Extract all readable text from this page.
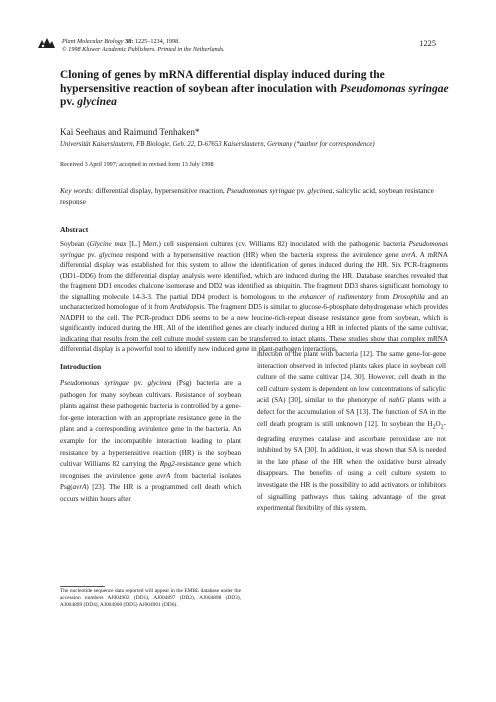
Plant Molecular Biology 38: 1225–1234, 1998.
© 1998 Kluwer Academic Publishers. Printed in the Netherlands.
1225
Cloning of genes by mRNA differential display induced during the hypersensitive reaction of soybean after inoculation with Pseudomonas syringae pv. glycinea
Kai Seehaus and Raimund Tenhaken*
Universität Kaiserslautern, FB Biologie, Geb. 22, D-67653 Kaiserslautern, Germany (*author for correspondence)
Received 3 April 1997; accepted in revised form 13 July 1998
Key words: differential display, hypersensitive reaction, Pseudomonas syringae pv. glycinea, salicylic acid, soybean resistance response
Abstract
Soybean (Glycine max [L.] Merr.) cell suspension cultures (cv. Williams 82) inoculated with the pathogenic bacteria Pseudomonas syringae pv. glycinea respond with a hypersensitive reaction (HR) when the bacteria express the avirulence gene avrA. A mRNA differential display was established for this system to allow the identification of genes induced during the HR. Six PCR-fragments (DD1–DD6) from the differential display analysis were identified, which are induced during the HR. Database searches revealed that the fragment DD1 encodes chalcone isomerase and DD2 was identified as ubiquitin. The fragment DD3 shares significant homology to the signalling molecule 14-3-3. The partial DD4 product is homologous to the enhancer of rudimentary from Drosophila and an uncharacterized homologue of it from Arabidopsis. The fragment DD5 is similar to glucose-6-phosphate dehydrogenase which provides NADPH to the cell. The PCR-product DD6 seems to be a new leucine-rich-repeat disease resistance gene from soybean, which is significantly induced during the HR. All of the identified genes are clearly induced during a HR in infected plants of the same cultivar, indicating that results from the cell culture model system can be transferred to intact plants. These studies show that complex mRNA differential display is a powerful tool to identify new induced gene in plant-pathogen interactions.
Introduction
Pseudomonas syringae pv. glycinea (Psg) bacteria are a pathogen for many soybean cultivars. Resistance of soybean plants against these pathogenic bacteria is controlled by a gene-for-gene interaction with an appropriate resistance gene in the plant and a corresponding avirulence gene in the bacteria. An example for the incompatible interaction leading to plant resistance by a hypersensitive reaction (HR) is the soybean cultivar Williams 82 carrying the Rpg2-resistance gene which recognises the avirulence gene avrA from bacterial isolates Psg(avrA) [23]. The HR is a programmed cell death which occurs within hours after
infection of the plant with bacteria [12]. The same gene-for-gene interaction observed in infected plants takes place in soybean cell culture of the same cultivar [24, 30]. However, cell death in the cell culture system is dependent on low concentrations of salicylic acid (SA) [30], similar to the phenotype of nahG plants with a defect for the accumulation of SA [13]. The function of SA in the cell death program is still unknown [12]. In soybean the $H_2O_2$-degrading enzymes catalase and ascorbate peroxidase are not inhibited by SA [30]. In addition, it was shown that SA is needed in the late phase of the HR when the oxidative burst already disappears. The benefits of using a cell culture system to investigate the HR is the possibility to add activators or inhibitors of signalling pathways thus taking advantage of the great experimental flexibility of this system.
The nucleotide sequence data reported will appear in the EMBL database under the accession numbers AJ004902 (DD1), AJ004897 (DD2), AJ004898 (DD3), AJ004899 (DD4), AJ004900 (DD5) AJ004901 (DD6).
